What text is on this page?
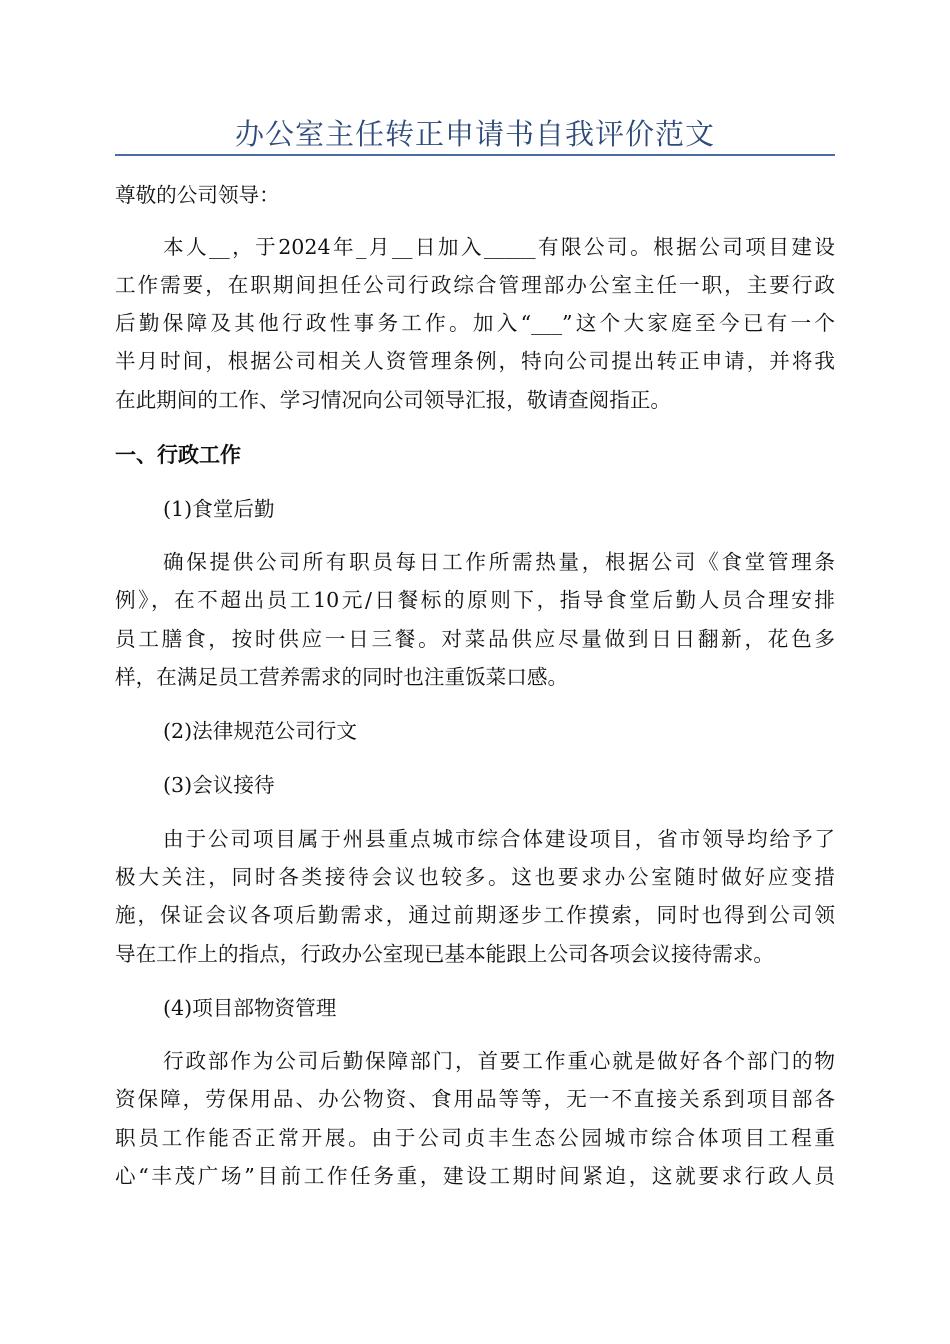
办公室主任转正申请书自我评价范文
尊敬的公司领导：
本人__，于2024年_月__日加入_____有限公司。根据公司项目建设
工作需要，在职期间担任公司行政综合管理部办公室主任一职，主要行政
后勤保障及其他行政性事务工作。加入“___”这个大家庭至今已有一个
半月时间，根据公司相关人资管理条例，特向公司提出转正申请，并将我
在此期间的工作、学习情况向公司领导汇报，敬请查阅指正。
一、行政工作
(1)食堂后勤
确保提供公司所有职员每日工作所需热量，根据公司《食堂管理条
例》，在不超出员工10元/日餐标的原则下，指导食堂后勤人员合理安排
员工膳食，按时供应一日三餐。对菜品供应尽量做到日日翻新，花色多
样，在满足员工营养需求的同时也注重饭菜口感。
(2)法律规范公司行文
(3)会议接待
由于公司项目属于州县重点城市综合体建设项目，省市领导均给予了
极大关注，同时各类接待会议也较多。这也要求办公室随时做好应变措
施，保证会议各项后勤需求，通过前期逐步工作摸索，同时也得到公司领
导在工作上的指点，行政办公室现已基本能跟上公司各项会议接待需求。
(4)项目部物资管理
行政部作为公司后勤保障部门，首要工作重心就是做好各个部门的物
资保障，劳保用品、办公物资、食用品等等，无一不直接关系到项目部各
职员工作能否正常开展。由于公司贞丰生态公园城市综合体项目工程重
心“丰茂广场”目前工作任务重，建设工期时间紧迫，这就要求行政人员
